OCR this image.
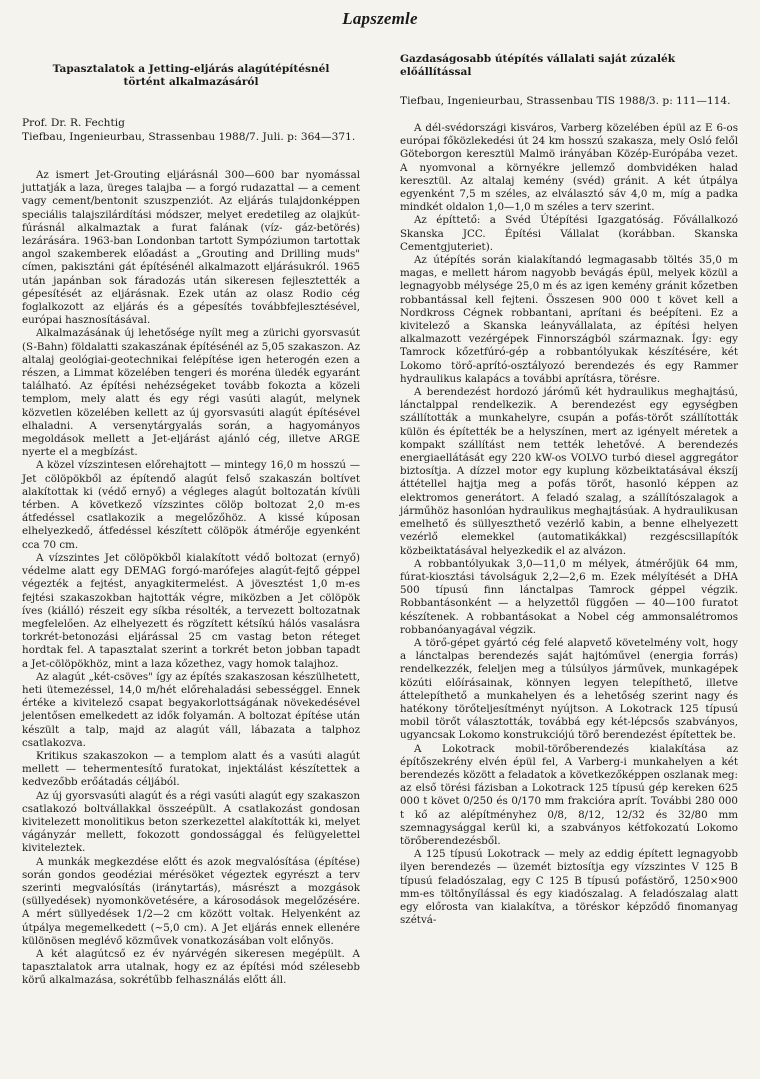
Lapszemle
Tapasztalatok a Jetting-eljárás alagútépítésnél
történt alkalmazásáról
Prof. Dr. R. Fechtig
Tiefbau, Ingenieurbau, Strassenbau 1988/7. Juli. p: 364—371.

Az ismert Jet-Grouting eljárásnál 300—600 bar nyomással juttatják a laza, üreges talajba — a forgó rudazattal — a cement vagy cement/bentonit szuszpenziót. Az eljárás tulajdonképpen speciális talajszilárdítási módszer, melyet eredetileg az olajkút-fúrásnál alkalmaztak a furat falának (víz- gáz-betörés) lezárására. 1963-ban Londonban tartott Sympóziumon tartottak angol szakemberek előadást a „Grouting and Drilling muds" címen, pakisztáni gát építésénél alkalmazott eljárásukról. 1965 után japánban sok fáradozás után sikeresen fejlesztették a gépesítését az eljárásnak. Ezek után az olasz Rodio cég foglalkozott az eljárás és a gépesítés továbbfejlesztésével, európai hasznosításával.

Alkalmazásának új lehetősége nyílt meg a zürichi gyorsvasút (S-Bahn) földalatti szakaszának építésénél az 5,05 szakaszon. Az altalaj geológiai-geotechnikai felépítése igen heterogén ezen a részen, a Limmat közelében tengeri és moréna üledék egyaránt található. Az építési nehézségeket tovább fokozta a közeli templom, mely alatt és egy régi vasúti alagút, melynek közvetlen közelében kellett az új gyorsvasúti alagút építésével elhaladni. A versenytárgyalás során, a hagyományos megoldások mellett a Jet-eljárást ajánló cég, illetve ARGE nyerte el a megbízást.

A közel vízszintesen előrehajtott — mintegy 16,0 m hosszú — Jet cölöpökből az építendő alagút felső szakaszán boltívet alakítottak ki (védő ernyő) a végleges alagút boltozatán kívüli térben. A következő vízszintes cölöp boltozat 2,0 m-es átfedéssel csatlakozik a megelőzőhöz. A kissé kúposan elhelyezkedő, átfedéssel készített cölöpök átmérője egyenként cca 70 cm.

A vízszintes Jet cölöpökből kialakított védő boltozat (ernyő) védelme alatt egy DEMAG forgó-marófejes alagút-fejtő géppel végezték a fejtést, anyagkitermelést. A jövesztést 1,0 m-es fejtési szakaszokban hajtották végre, miközben a Jet cölöpök íves (kiálló) részeit egy síkba résolték, a tervezett boltozatnak megfelelően. Az elhelyezett és rögzített kétsíkú hálós vasalásra torkrét-betonozási eljárással 25 cm vastag beton réteget hordtak fel. A tapasztalat szerint a torkrét beton jobban tapadt a Jet-cölöpökhöz, mint a laza kőzethez, vagy homok talajhoz.

Az alagút „két-csöves" így az építés szakaszosan készülhetett, heti ütemezéssel, 14,0 m/hét előrehaladási sebességgel. Ennek értéke a kivitelező csapat begyakorlottságának növekedésével jelentősen emelkedett az idők folyamán. A boltozat építése után készült a talp, majd az alagút váll, lábazata a talphoz csatlakozva.

Kritikus szakaszokon — a templom alatt és a vasúti alagút mellett — tehermentesítő furatokat, injektálást készítettek a kedvezőbb erőátadás céljából.

Az új gyorsvasúti alagút és a régi vasúti alagút egy szakaszon csatlakozó boltvállakkal összeépült. A csatlakozást gondosan kivitelezett monolitikus beton szerkezettel alakították ki, melyet vágányzár mellett, fokozott gondossággal és felügyelettel kiviteleztek.

A munkák megkezdése előtt és azok megvalósítása (építése) során gondos geodéziai mérésöket végeztek egyrészt a terv szerinti megvalósítás (iránytartás), másrészt a mozgások (süllyedések) nyomonkövetésére, a károsodások megelőzésére. A mért süllyedések 1/2—2 cm között voltak. Helyenként az útpálya megemelkedett (~5,0 cm). A Jet eljárás ennek ellenére különösen meglévő közművek vonatkozásában volt előnyös.

A két alagútcső ez év nyárvégén sikeresen megépült. A tapasztalatok arra utalnak, hogy ez az építési mód szélesebb körű alkalmazása, sokrétűbb felhasználás előtt áll.

Gazdaságosabb útépítés vállalati saját zúzalék előállítással
Tiefbau, Ingenieurbau, Strassenbau TIS 1988/3. p: 111—114.

A dél-svédországi kisváros, Varberg közelében épül az E 6-os európai főközlekedési út 24 km hosszú szakasza, mely Osló felől Göteborgon keresztül Malmö irányában Közép-Európába vezet. A nyomvonal a környékre jellemző dombvidéken halad keresztül. Az altalaj kemény (svéd) gránit. A két útpálya egyenként 7,5 m széles, az elválasztó sáv 4,0 m, míg a padka mindkét oldalon 1,0—1,0 m széles a terv szerint.

Az építtető: a Svéd Útépítési Igazgatóság. Fővállalkozó Skanska JCC. Építési Vállalat (korábban. Skanska Cementgjuteriet).

Az útépítés során kialakítandó legmagasabb töltés 35,0 m magas, e mellett három nagyobb bevágás épül, melyek közül a legnagyobb mélysége 25,0 m és az igen kemény gránit kőzetben robbantással kell fejteni. Összesen 900 000 t követ kell a Nordkross Cégnek robbantani, aprítani és beépíteni. Ez a kivitelező a Skanska leányvállalata, az építési helyen alkalmazott vezérgépek Finnországból származnak. Így: egy Tamrock kőzetfúró-gép a robbantólyukak készítésére, két Lokomo törő-aprító-osztályozó berendezés és egy Rammer hydraulikus kalapács a további aprításra, törésre.

A berendezést hordozó járómű két hydraulikus meghajtású, lánctalppal rendelkezik. A berendezést egy egységben szállították a munkahelyre, csupán a pofás-törőt szállították külön és építették be a helyszínen, mert az igényelt méretek a kompakt szállítást nem tették lehetővé. A berendezés energiaellátását egy 220 kW-os VOLVO turbó diesel aggregátor biztosítja. A dízzel motor egy kuplung közbeiktatásával ékszíj áttétellel hajtja meg a pofás törőt, hasonló képpen az elektromos generátort. A feladó szalag, a szállítószalagok a járműhöz hasonlóan hydraulikus meghajtásúak. A hydraulikusan emelhető és süllyeszthető vezérlő kabin, a benne elhelyezett vezérlő elemekkel (automatikákkal) rezgéscsillapítók közbeiktatásával helyezkedik el az alvázon.

A robbantólyukak 3,0—11,0 m mélyek, átmérőjük 64 mm, fúrat-kiosztási távolságuk 2,2—2,6 m. Ezek mélyítését a DHA 500 típusú finn lánctalpas Tamrock géppel végzik. Robbantásonként — a helyzettől függően — 40—100 furatot készítenek. A robbantásokat a Nobel cég ammonsalétromos robbanóanyagával végzik.

A törő-gépet gyártó cég felé alapvető követelmény volt, hogy a lánctalpas berendezés saját hajtóművel (energia forrás) rendelkezzék, feleljen meg a túlsúlyos járművek, munkagépek közúti előírásainak, könnyen legyen telepíthető, illetve áttelepíthető a munkahelyen és a lehetőség szerint nagy és hatékony törőteljesítményt nyújtson. A Lokotrack 125 típusú mobil törőt választották, továbbá egy két-lépcsős szabványos, ugyancsak Lokomo konstrukciójú törő berendezést építettek be.

A Lokotrack mobil-törőberendezés kialakítása az építőszekrény elvén épül fel, A Varberg-i munkahelyen a két berendezés között a feladatok a következőképpen oszlanak meg: az első törési fázisban a Lokotrack 125 típusú gép kereken 625 000 t követ 0/250 és 0/170 mm frakcióra aprít. További 280 000 t kő az alépítményhez 0/8, 8/12, 12/32 és 32/80 mm szemnagysággal kerül ki, a szabványos kétfokozatú Lokomo törőberendezésből.

A 125 típusú Lokotrack — mely az eddig épített legnagyobb ilyen berendezés — üzemét biztosítja egy vízszintes V 125 B típusú feladószalag, egy C 125 B típusú pofástörő, 1250×900 mm-es töltőnyílással és egy kiadószalag. A feladószalag alatt egy előrosta van kialakítva, a töréskor képződő finomanyag szétvá-
